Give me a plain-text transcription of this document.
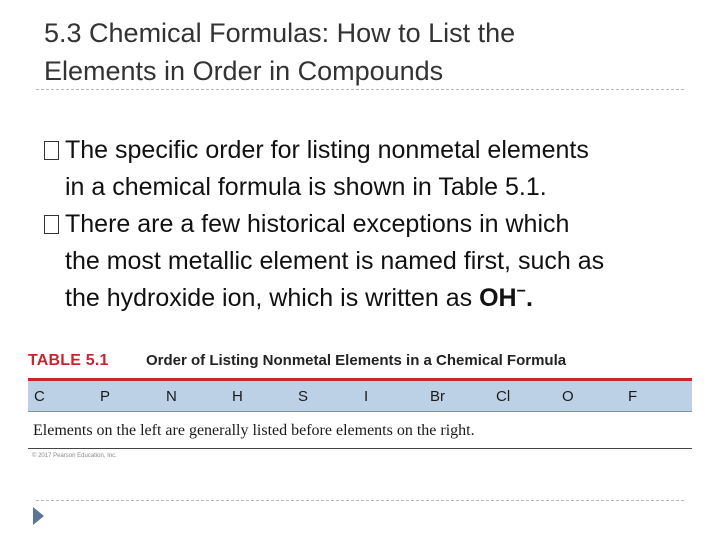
5.3 Chemical Formulas: How to List the
Elements in Order in Compounds

The specific order for listing nonmetal elements

in a chemical formula is shown in Table 5.1.

There are a few historical exceptions in which

the most metallic element is named first, such as

the hydroxide ion, which is written as OH−.

TABLE 5.1	Order of Listing Nonmetal Elements in a Chemical Formula
C	P	N	H	S	I	Br	Cl	O	F
Elements on the left are generally listed before elements on the right.
© 2017 Pearson Education, Inc.
